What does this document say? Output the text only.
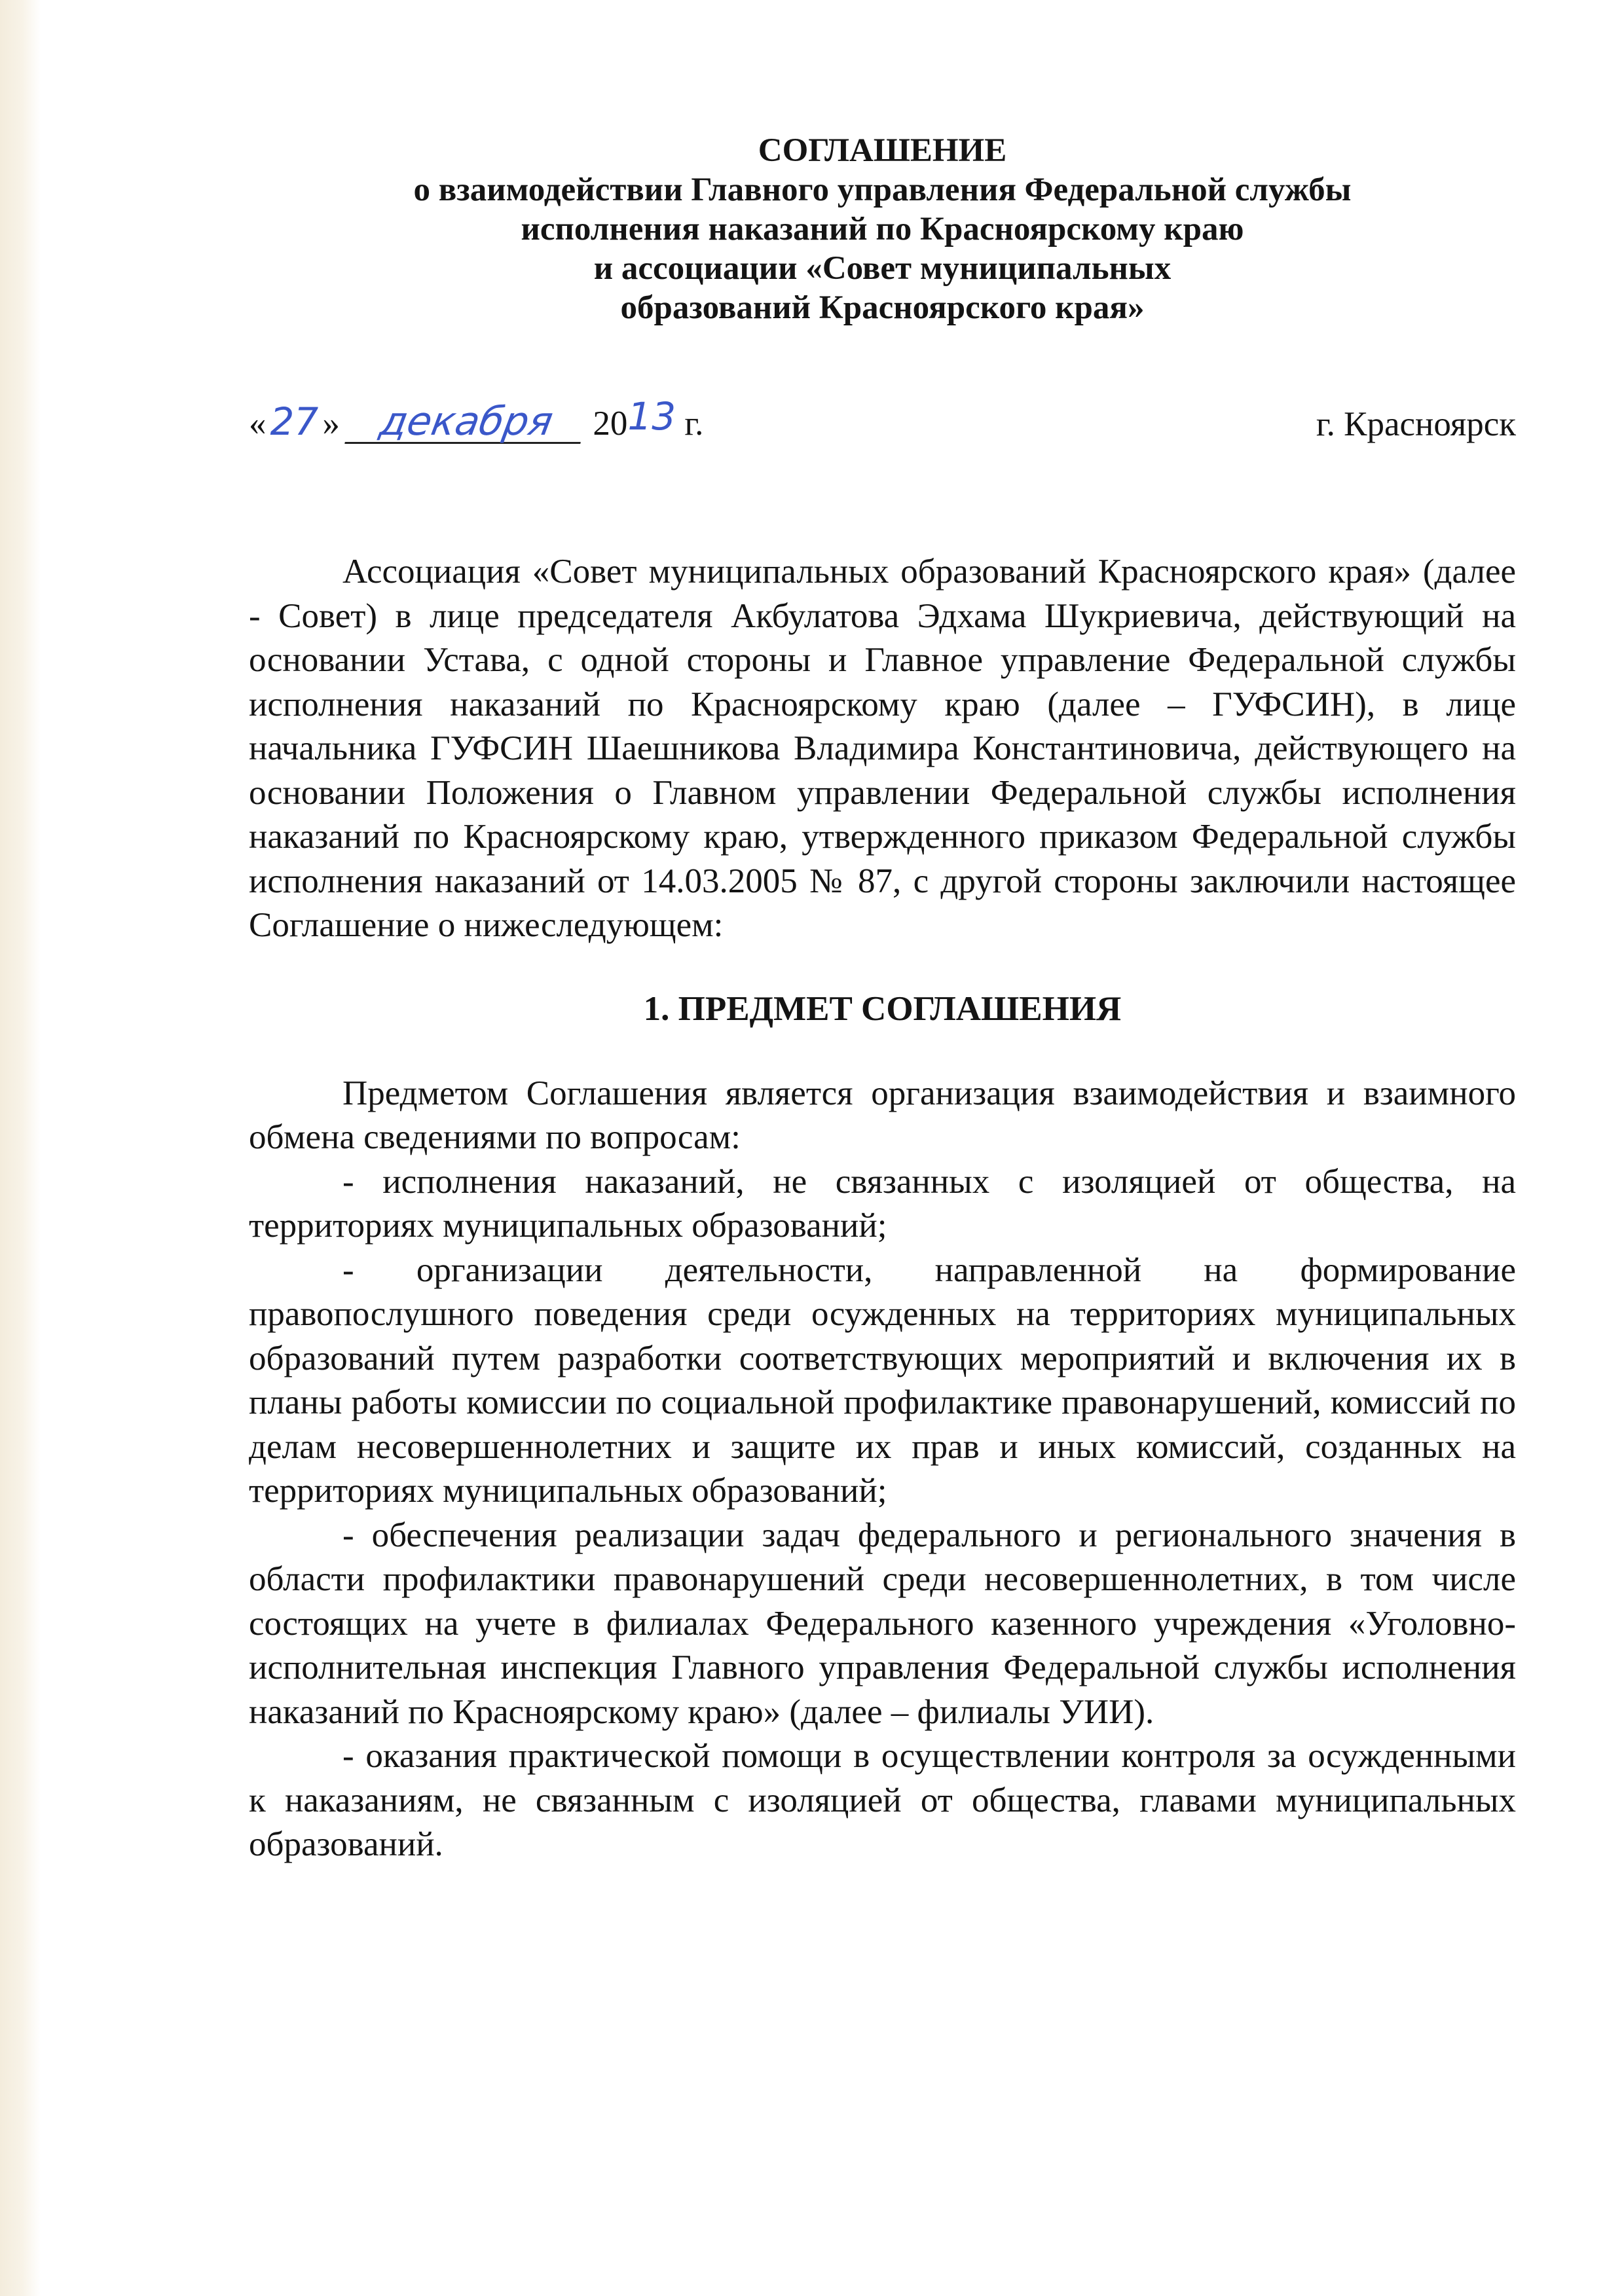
СОГЛАШЕНИЕ
о взаимодействии Главного управления Федеральной службы
исполнения наказаний по Красноярскому краю
и ассоциации «Совет муниципальных
образований Красноярского края»
« 27 » декабря 2013 г.	г. Красноярск

Ассоциация «Совет муниципальных образований Красноярского края» (далее - Совет) в лице председателя Акбулатова Эдхама Шукриевича, действующий на основании Устава, с одной стороны и Главное управление Федеральной службы исполнения наказаний по Красноярскому краю (далее – ГУФСИН), в лице начальника ГУФСИН Шаешникова Владимира Константиновича, действующего на основании Положения о Главном управлении Федеральной службы исполнения наказаний по Красноярскому краю, утвержденного приказом Федеральной службы исполнения наказаний от 14.03.2005 № 87, с другой стороны заключили настоящее Соглашение о нижеследующем:

1. ПРЕДМЕТ СОГЛАШЕНИЯ

Предметом Соглашения является организация взаимодействия и взаимного обмена сведениями по вопросам:

- исполнения наказаний, не связанных с изоляцией от общества, на территориях муниципальных образований;

- организации деятельности, направленной на формирование правопослушного поведения среди осужденных на территориях муниципальных образований путем разработки соответствующих мероприятий и включения их в планы работы комиссии по социальной профилактике правонарушений, комиссий по делам несовершеннолетних и защите их прав и иных комиссий, созданных на территориях муниципальных образований;

- обеспечения реализации задач федерального и регионального значения в области профилактики правонарушений среди несовершеннолетних, в том числе состоящих на учете в филиалах Федерального казенного учреждения «Уголовно-исполнительная инспекция Главного управления Федеральной службы исполнения наказаний по Красноярскому краю» (далее – филиалы УИИ).

- оказания практической помощи в осуществлении контроля за осужденными к наказаниям, не связанным с изоляцией от общества, главами муниципальных образований.
